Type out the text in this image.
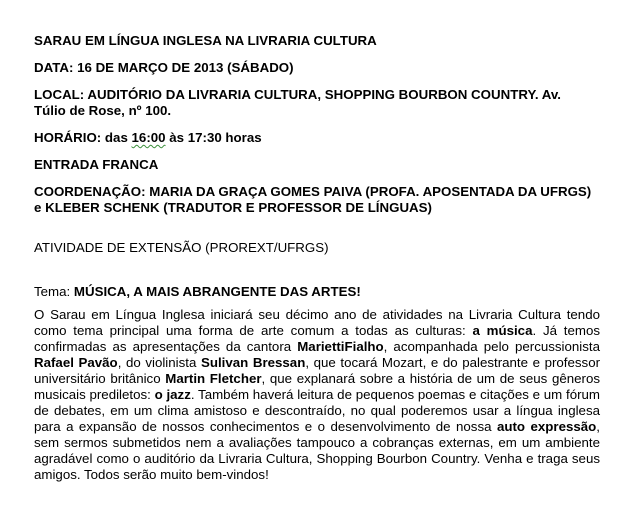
SARAU EM LÍNGUA INGLESA NA LIVRARIA CULTURA

DATA: 16 DE MARÇO DE 2013 (SÁBADO)

LOCAL: AUDITÓRIO DA LIVRARIA CULTURA, SHOPPING BOURBON COUNTRY. Av.

Túlio de Rose, nº 100.

HORÁRIO: das 16:00 às 17:30 horas

ENTRADA FRANCA

COORDENAÇÃO: MARIA DA GRAÇA GOMES PAIVA (PROFA. APOSENTADA DA UFRGS)

e KLEBER SCHENK (TRADUTOR E PROFESSOR DE LÍNGUAS)

ATIVIDADE DE EXTENSÃO (PROREXT/UFRGS)

Tema: MÚSICA, A MAIS ABRANGENTE DAS ARTES!

O Sarau em Língua Inglesa iniciará seu décimo ano de atividades na Livraria Cultura tendo como tema principal uma forma de arte comum a todas as culturas: a música. Já temos confirmadas as apresentações da cantora MariettiFialho, acompanhada pelo percussionista Rafael Pavão, do violinista Sulivan Bressan, que tocará Mozart, e do palestrante e professor universitário britânico Martin Fletcher, que explanará sobre a história de um de seus gêneros musicais prediletos: o jazz. Também haverá leitura de pequenos poemas e citações e um fórum de debates, em um clima amistoso e descontraído, no qual poderemos usar a língua inglesa para a expansão de nossos conhecimentos e o desenvolvimento de nossa auto expressão, sem sermos submetidos nem a avaliações tampouco a cobranças externas, em um ambiente agradável como o auditório da Livraria Cultura, Shopping Bourbon Country. Venha e traga seus amigos. Todos serão muito bem-vindos!
